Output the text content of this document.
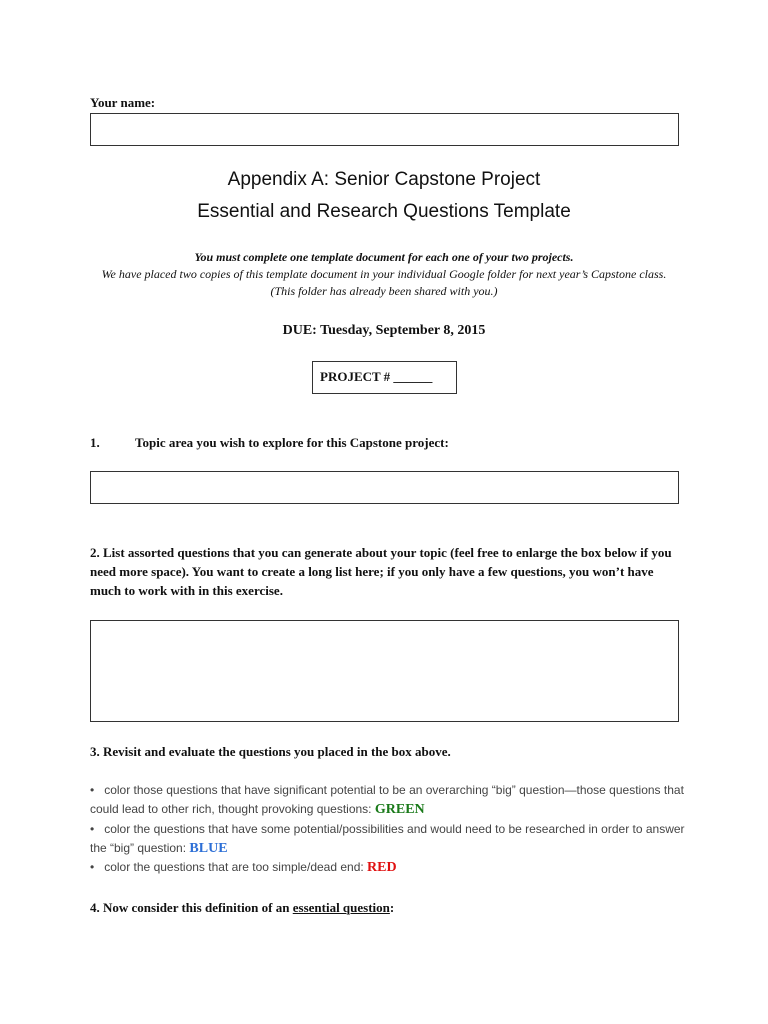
Your name:
Appendix A: Senior Capstone Project
Essential and Research Questions Template
You must complete one template document for each one of your two projects.
We have placed two copies of this template document in your individual Google folder for next year’s Capstone class. (This folder has already been shared with you.)
DUE: Tuesday, September 8, 2015
PROJECT # ______
1.	Topic area you wish to explore for this Capstone project:
2. List assorted questions that you can generate about your topic (feel free to enlarge the box below if you need more space). You want to create a long list here; if you only have a few questions, you won’t have much to work with in this exercise.
3. Revisit and evaluate the questions you placed in the box above.
• color those questions that have significant potential to be an overarching “big” question—those questions that could lead to other rich, thought provoking questions: GREEN
• color the questions that have some potential/possibilities and would need to be researched in order to answer the “big” question: BLUE
• color the questions that are too simple/dead end: RED
4. Now consider this definition of an essential question:
